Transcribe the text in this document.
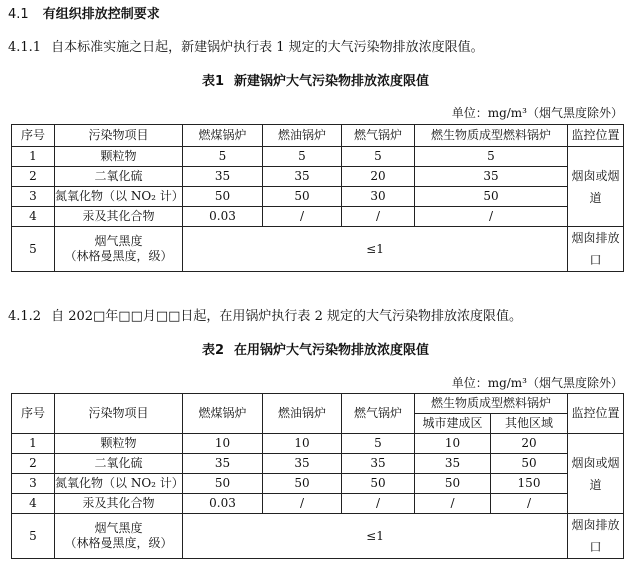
4.1 有组织排放控制要求
4.1.1 自本标准实施之日起，新建锅炉执行表 1 规定的大气污染物排放浓度限值。
表1 新建锅炉大气污染物排放浓度限值
单位：mg/m³（烟气黑度除外）
序号	污染物项目	燃煤锅炉	燃油锅炉	燃气锅炉	燃生物质成型燃料锅炉	监控位置
1	颗粒物	5	5	5	5	烟囱或烟道
2	二氧化硫	35	35	20	35	
3	氮氧化物（以 NO₂ 计）	50	50	30	50	
4	汞及其化合物	0.03	/	/	/	
5	烟气黑度
（林格曼黑度，级）	≤1				烟囱排放口
4.1.2 自 202□年□□月□□日起，在用锅炉执行表 2 规定的大气污染物排放浓度限值。
表2 在用锅炉大气污染物排放浓度限值
单位：mg/m³（烟气黑度除外）
序号	污染物项目	燃煤锅炉	燃油锅炉	燃气锅炉	燃生物质成型燃料锅炉		监控位置
					城市建成区	其他区域	
1	颗粒物	10	10	5	10	20	烟囱或烟道
2	二氧化硫	35	35	35	35	50	
3	氮氧化物（以 NO₂ 计）	50	50	50	50	150	
4	汞及其化合物	0.03	/	/	/	/	
5	烟气黑度
（林格曼黑度，级）	≤1					烟囱排放口
